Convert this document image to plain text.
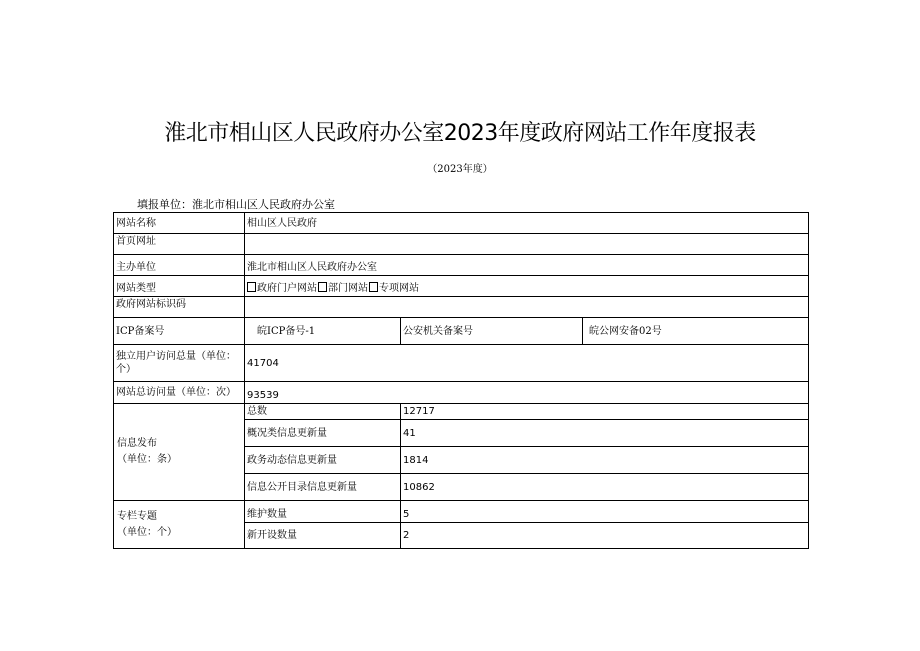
淮北市相山区人民政府办公室2023年度政府网站工作年度报表
（2023年度）
填报单位：淮北市相山区人民政府办公室
网站名称	相山区人民政府		
首页网址			
主办单位	淮北市相山区人民政府办公室		
网站类型	政府门户网站 部门网站 专项网站		
政府网站标识码			
ICP备案号	皖ICP备号-1	公安机关备案号	皖公网安备02号
独立用户访问总量（单位：个）	41704		
网站总访问量（单位：次）	93539		

信息发布
（单位：条）	总数	12717	
	概况类信息更新量	41	
	政务动态信息更新量	1814	
	信息公开目录信息更新量	10862	

专栏专题
（单位：个）	维护数量	5	
	新开设数量	2	
